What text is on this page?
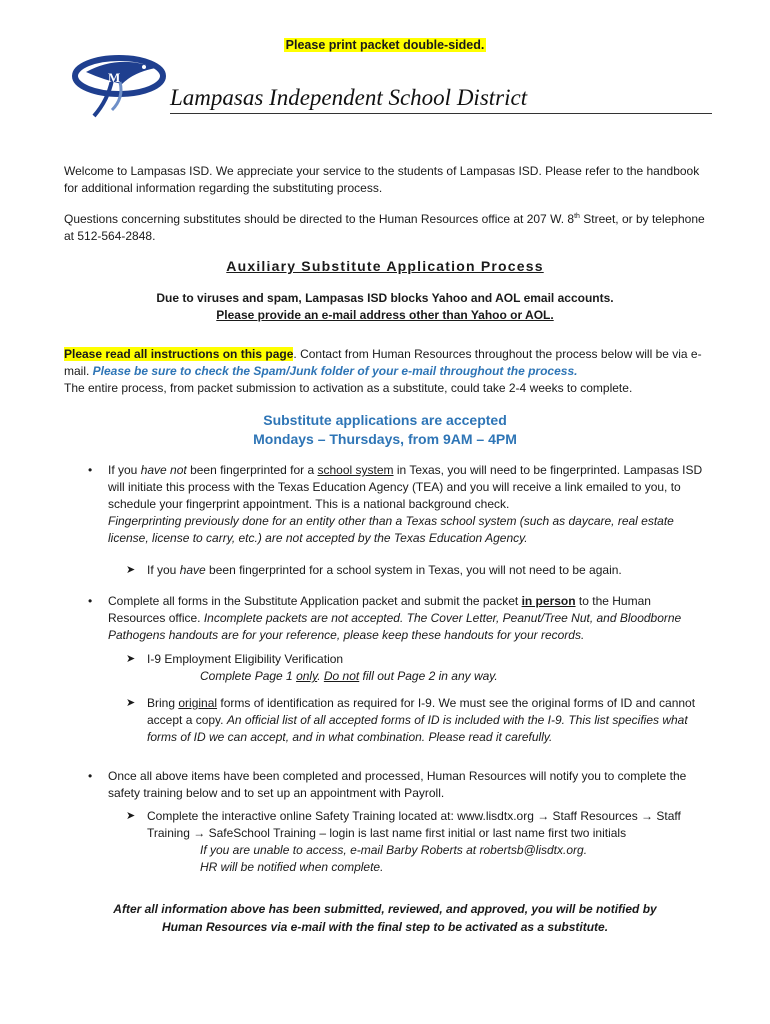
Please print packet double-sided.
M
Lampasas Independent School District
Welcome to Lampasas ISD. We appreciate your service to the students of Lampasas ISD. Please refer to the handbook for additional information regarding the substituting process.
Questions concerning substitutes should be directed to the Human Resources office at 207 W. 8th Street, or by telephone at 512-564-2848.
Auxiliary Substitute Application Process
Due to viruses and spam, Lampasas ISD blocks Yahoo and AOL email accounts.
Please provide an e-mail address other than Yahoo or AOL.
Please read all instructions on this page. Contact from Human Resources throughout the process below will be via e-mail. Please be sure to check the Spam/Junk folder of your e-mail throughout the process.
The entire process, from packet submission to activation as a substitute, could take 2-4 weeks to complete.
Substitute applications are accepted
Mondays – Thursdays, from 9AM – 4PM
• If you have not been fingerprinted for a school system in Texas, you will need to be fingerprinted. Lampasas ISD will initiate this process with the Texas Education Agency (TEA) and you will receive a link emailed to you, to schedule your fingerprint appointment. This is a national background check.
Fingerprinting previously done for an entity other than a Texas school system (such as daycare, real estate license, license to carry, etc.) are not accepted by the Texas Education Agency.
➤ If you have been fingerprinted for a school system in Texas, you will not need to be again.
• Complete all forms in the Substitute Application packet and submit the packet in person to the Human Resources office. Incomplete packets are not accepted. The Cover Letter, Peanut/Tree Nut, and Bloodborne Pathogens handouts are for your reference, please keep these handouts for your records.
➤ I-9 Employment Eligibility Verification
Complete Page 1 only. Do not fill out Page 2 in any way.
➤ Bring original forms of identification as required for I-9. We must see the original forms of ID and cannot accept a copy. An official list of all accepted forms of ID is included with the I-9. This list specifies what forms of ID we can accept, and in what combination. Please read it carefully.
• Once all above items have been completed and processed, Human Resources will notify you to complete the safety training below and to set up an appointment with Payroll.
➤ Complete the interactive online Safety Training located at: www.lisdtx.org → Staff Resources → Staff Training → SafeSchool Training – login is last name first initial or last name first two initials
If you are unable to access, e-mail Barby Roberts at robertsb@lisdtx.org.
HR will be notified when complete.
After all information above has been submitted, reviewed, and approved, you will be notified by
Human Resources via e-mail with the final step to be activated as a substitute.
